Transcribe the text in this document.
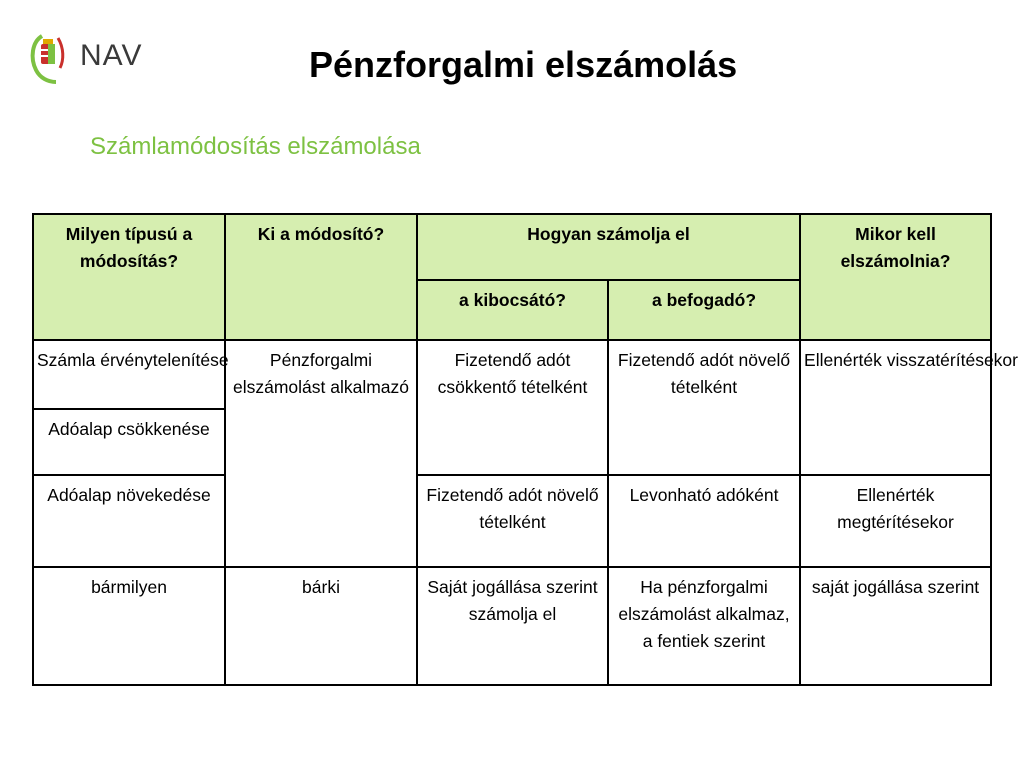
NAV	Pénzforgalmi elszámolás
Számlamódosítás elszámolása
Milyen típusú a módosítás?	Ki a módosító?	Hogyan számolja el		Mikor kell elszámolnia?
		a kibocsátó?	a befogadó?	
Számla érvénytelenítése	Pénzforgalmi elszámolást alkalmazó	Fizetendő adót csökkentő tételként	Fizetendő adót növelő tételként	Ellenérték visszatérítésekor
Adóalap csökkenése				
Adóalap növekedése		Fizetendő adót növelő tételként	Levonható adóként	Ellenérték megtérítésekor
bármilyen	bárki	Saját jogállása szerint számolja el	Ha pénzforgalmi elszámolást alkalmaz, a fentiek szerint	saját jogállása szerint
